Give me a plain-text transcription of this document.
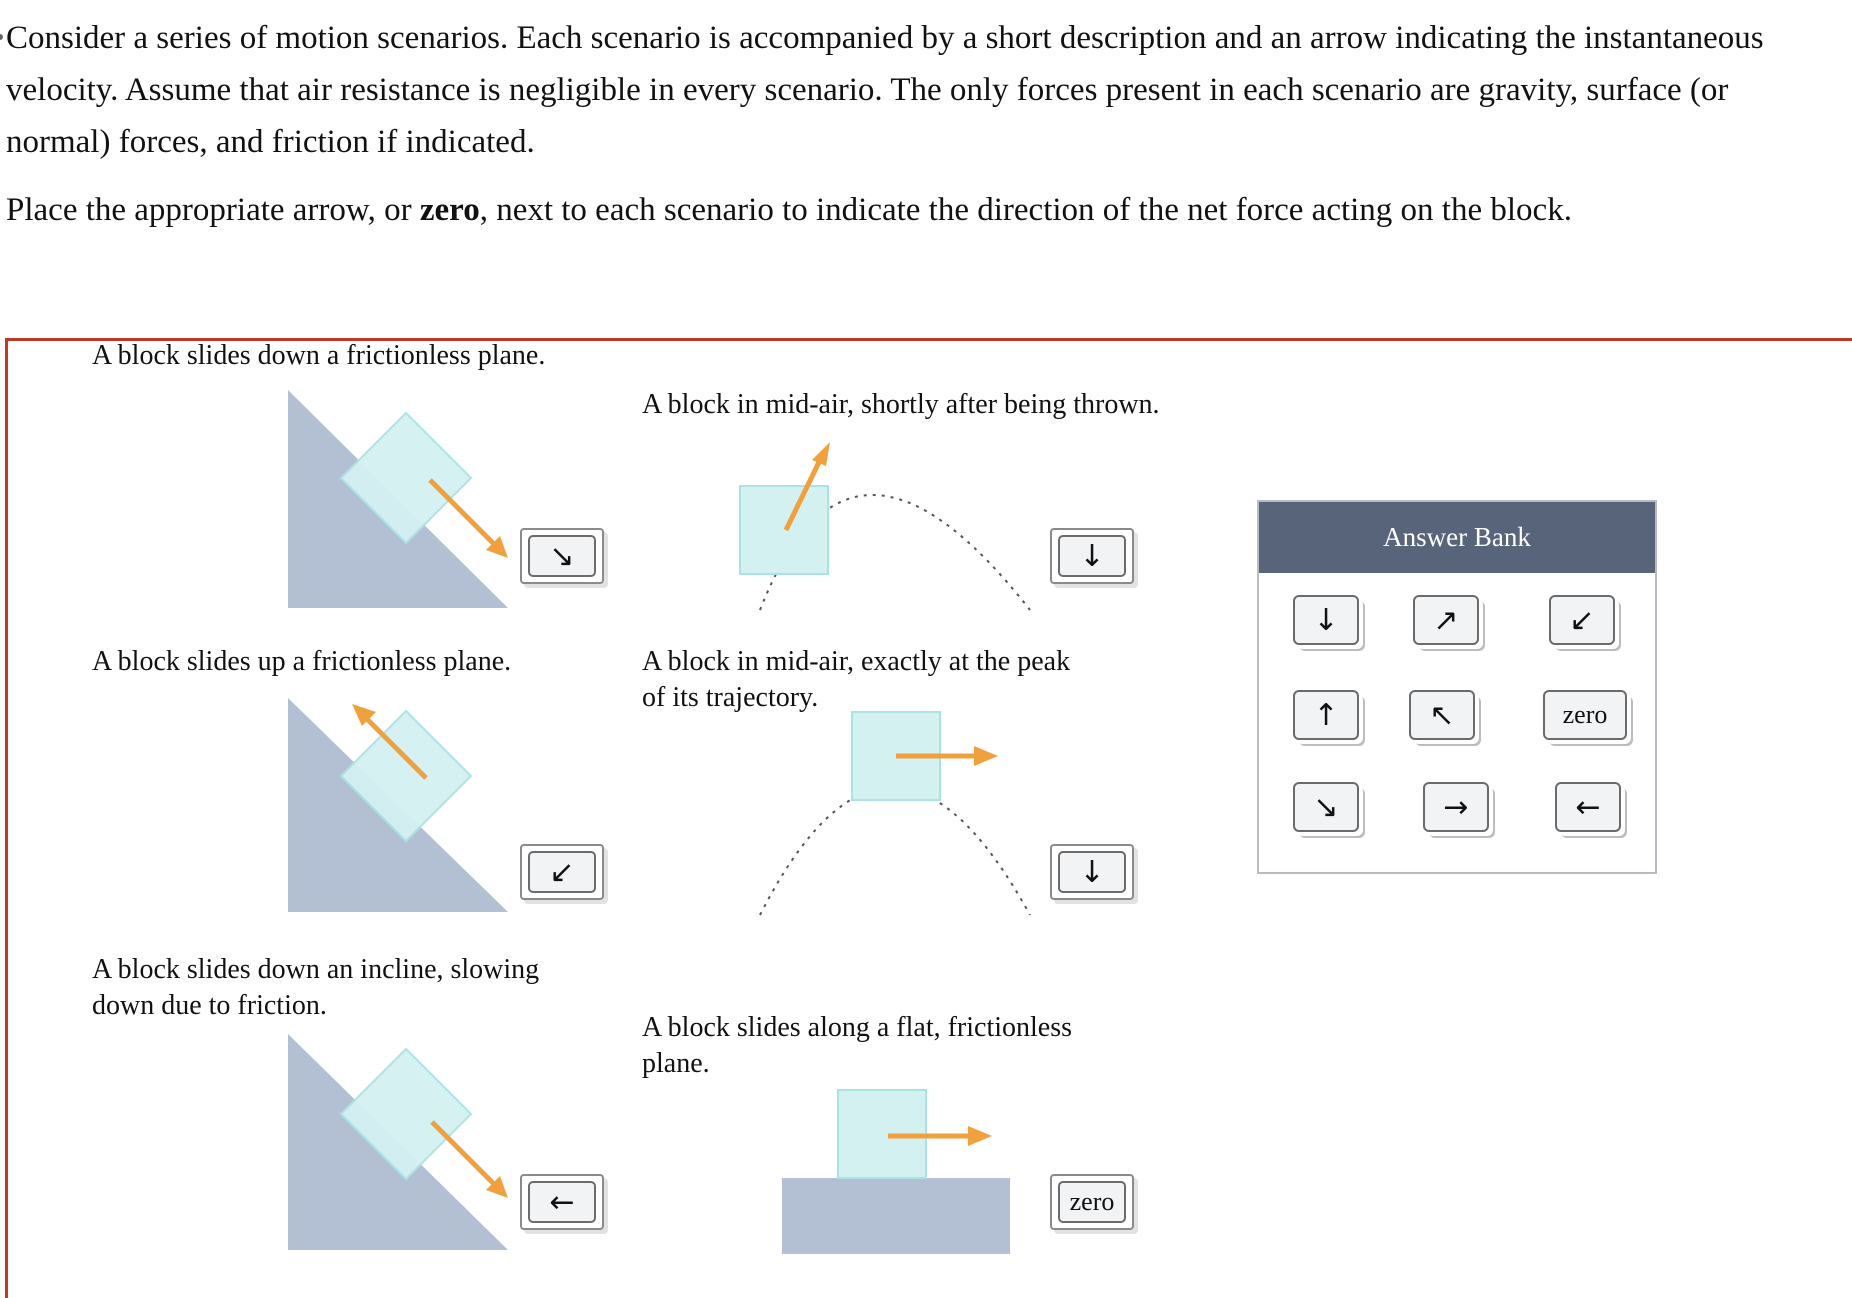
Consider a series of motion scenarios. Each scenario is accompanied by a short description and an arrow indicating the instantaneous velocity. Assume that air resistance is negligible in every scenario. The only forces present in each scenario are gravity, surface (or normal) forces, and friction if indicated.

Place the appropriate arrow, or zero, next to each scenario to indicate the direction of the net force acting on the block.

A block slides down a frictionless plane.
↘
A block in mid-air, shortly after being thrown.
↓
A block slides up a frictionless plane.
↙
A block in mid-air, exactly at the peak
of its trajectory.
↓
A block slides down an incline, slowing
down due to friction.
←
A block slides along a flat, frictionless
plane.
zero
Answer Bank
↓	↗	↙
↑	↖	zero
↘	→	←
